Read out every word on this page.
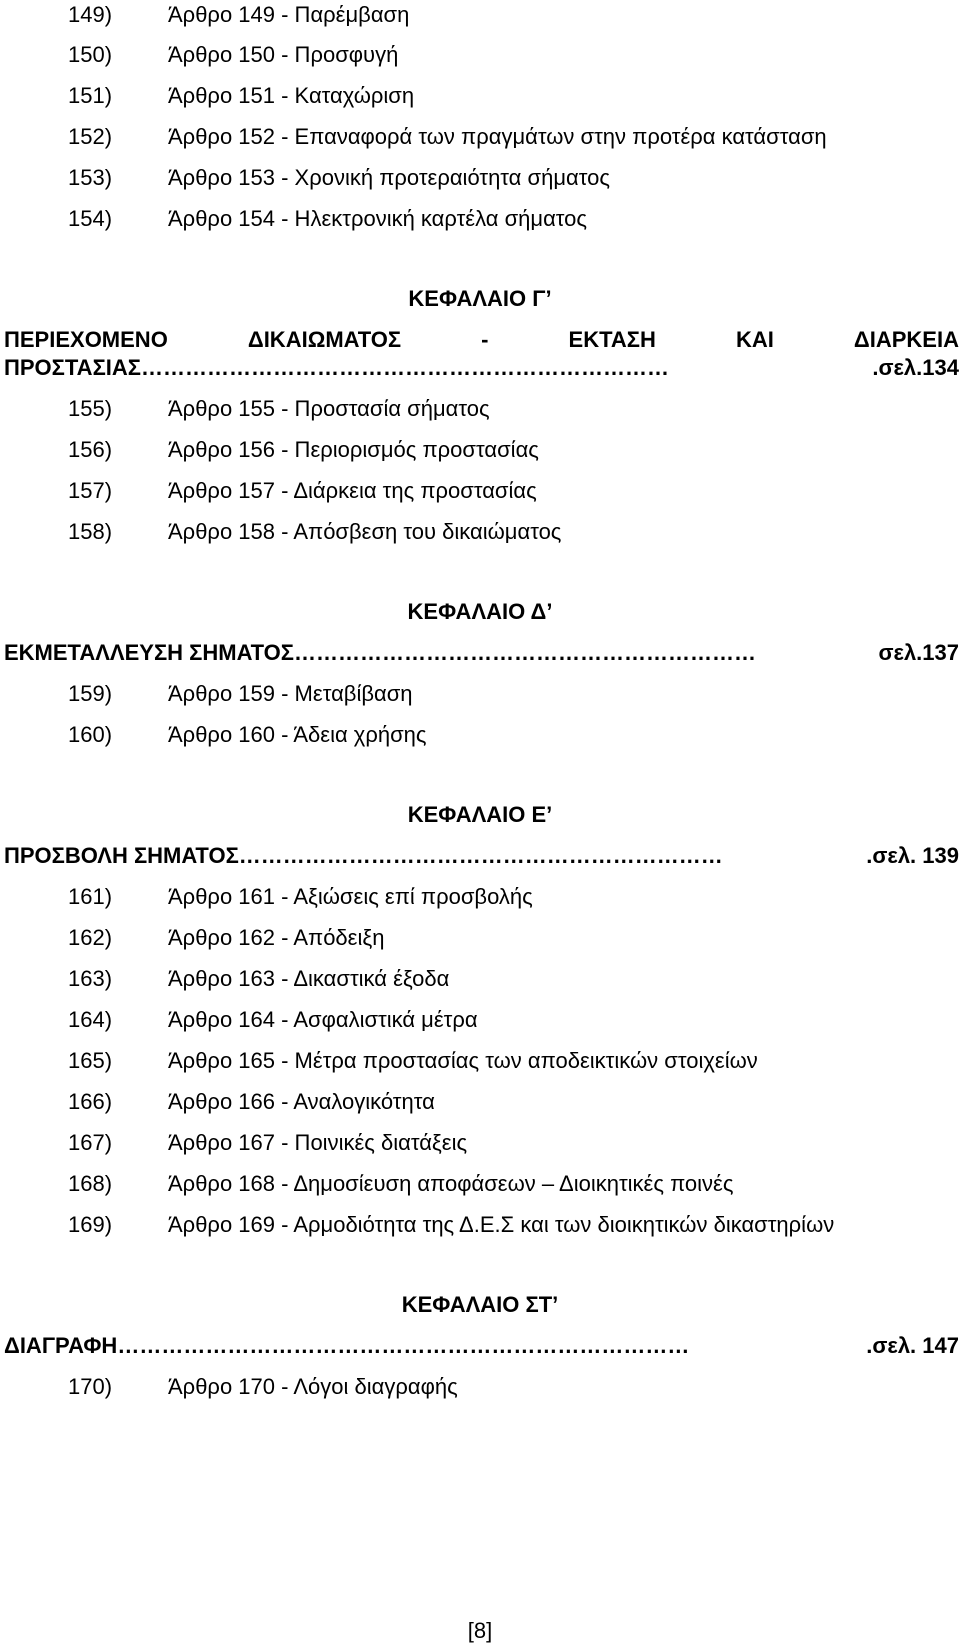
149)	Άρθρο 149 - Παρέμβαση
150)	Άρθρο 150 - Προσφυγή
151)	Άρθρο 151 - Καταχώριση
152)	Άρθρο 152 - Επαναφορά των πραγμάτων στην προτέρα κατάσταση
153)	Άρθρο 153 - Χρονική προτεραιότητα σήματος
154)	Άρθρο 154 - Ηλεκτρονική καρτέλα σήματος
ΚΕΦΑΛΑΙΟ Γ’
ΠΕΡΙΕΧΟΜΕΝΟ	ΔΙΚΑΙΩΜΑΤΟΣ	-	ΕΚΤΑΣΗ	ΚΑΙ	ΔΙΑΡΚΕΙΑ
ΠΡΟΣΤΑΣΙΑΣ ………………………………………………………………	.σελ.134
155)	Άρθρο 155 - Προστασία σήματος
156)	Άρθρο 156 - Περιορισμός προστασίας
157)	Άρθρο 157 - Διάρκεια της προστασίας
158)	Άρθρο 158 - Απόσβεση του δικαιώματος
ΚΕΦΑΛΑΙΟ Δ’
ΕΚΜΕΤΑΛΛΕΥΣΗ ΣΗΜΑΤΟΣ ………………………………………………………	σελ.137
159)	Άρθρο 159 - Μεταβίβαση
160)	Άρθρο 160 - Άδεια χρήσης
ΚΕΦΑΛΑΙΟ Ε’
ΠΡΟΣΒΟΛΗ ΣΗΜΑΤΟΣ …………………………………………………………	.σελ. 139
161)	Άρθρο 161 - Αξιώσεις επί προσβολής
162)	Άρθρο 162 - Απόδειξη
163)	Άρθρο 163 - Δικαστικά έξοδα
164)	Άρθρο 164 - Ασφαλιστικά μέτρα
165)	Άρθρο 165 - Μέτρα προστασίας των αποδεικτικών στοιχείων
166)	Άρθρο 166 - Αναλογικότητα
167)	Άρθρο 167 - Ποινικές διατάξεις
168)	Άρθρο 168 - Δημοσίευση αποφάσεων – Διοικητικές ποινές
169)	Άρθρο 169 - Αρμοδιότητα της Δ.Ε.Σ και των διοικητικών δικαστηρίων
ΚΕΦΑΛΑΙΟ ΣΤ’
ΔΙΑΓΡΑΦΗ ……………………………………………………………………	.σελ. 147
170)	Άρθρο 170 - Λόγοι διαγραφής
[8]
